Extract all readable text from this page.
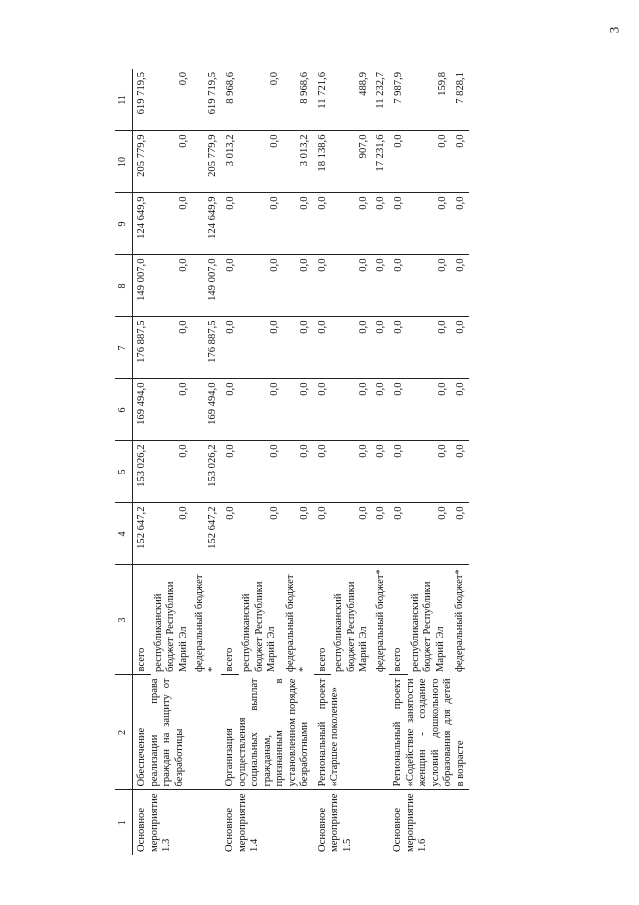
3
1	2	3	4	5	6	7	8	9	10	11
Основное мероприятие 1.3	Обеспечение реализации права граждан на защиту от безработицы	всего	152 647,2	153 026,2	169 494,0	176 887,5	149 007,0	124 649,9	205 779,9	619 719,5
		республиканский бюджет Республики Марий Эл	0,0	0,0	0,0	0,0	0,0	0,0	0,0	0,0
		федеральный бюджет *	152 647,2	153 026,2	169 494,0	176 887,5	149 007,0	124 649,9	205 779,9	619 719,5
Основное мероприятие 1.4	Организация осуществления социальных выплат гражданам, признанным в установленном порядке безработными	всего	0,0	0,0	0,0	0,0	0,0	0,0	3 013,2	8 968,6
		республиканский бюджет Республики Марий Эл	0,0	0,0	0,0	0,0	0,0	0,0	0,0	0,0
		федеральный бюджет *	0,0	0,0	0,0	0,0	0,0	0,0	3 013,2	8 968,6
Основное мероприятие 1.5	Региональный проект «Старшее поколение»	всего	0,0	0,0	0,0	0,0	0,0	0,0	18 138,6	11 721,6
		республиканский бюджет Республики Марий Эл	0,0	0,0	0,0	0,0	0,0	0,0	907,0	488,9
		федеральный бюджет*	0,0	0,0	0,0	0,0	0,0	0,0	17 231,6	11 232,7
Основное мероприятие 1.6	Региональный проект «Содействие занятости женщин - создание условий дошкольного образования для детей в возрасте	всего	0,0	0,0	0,0	0,0	0,0	0,0	0,0	7 987,9
		республиканский бюджет Республики Марий Эл	0,0	0,0	0,0	0,0	0,0	0,0	0,0	159,8
		федеральный бюджет*	0,0	0,0	0,0	0,0	0,0	0,0	0,0	7 828,1
